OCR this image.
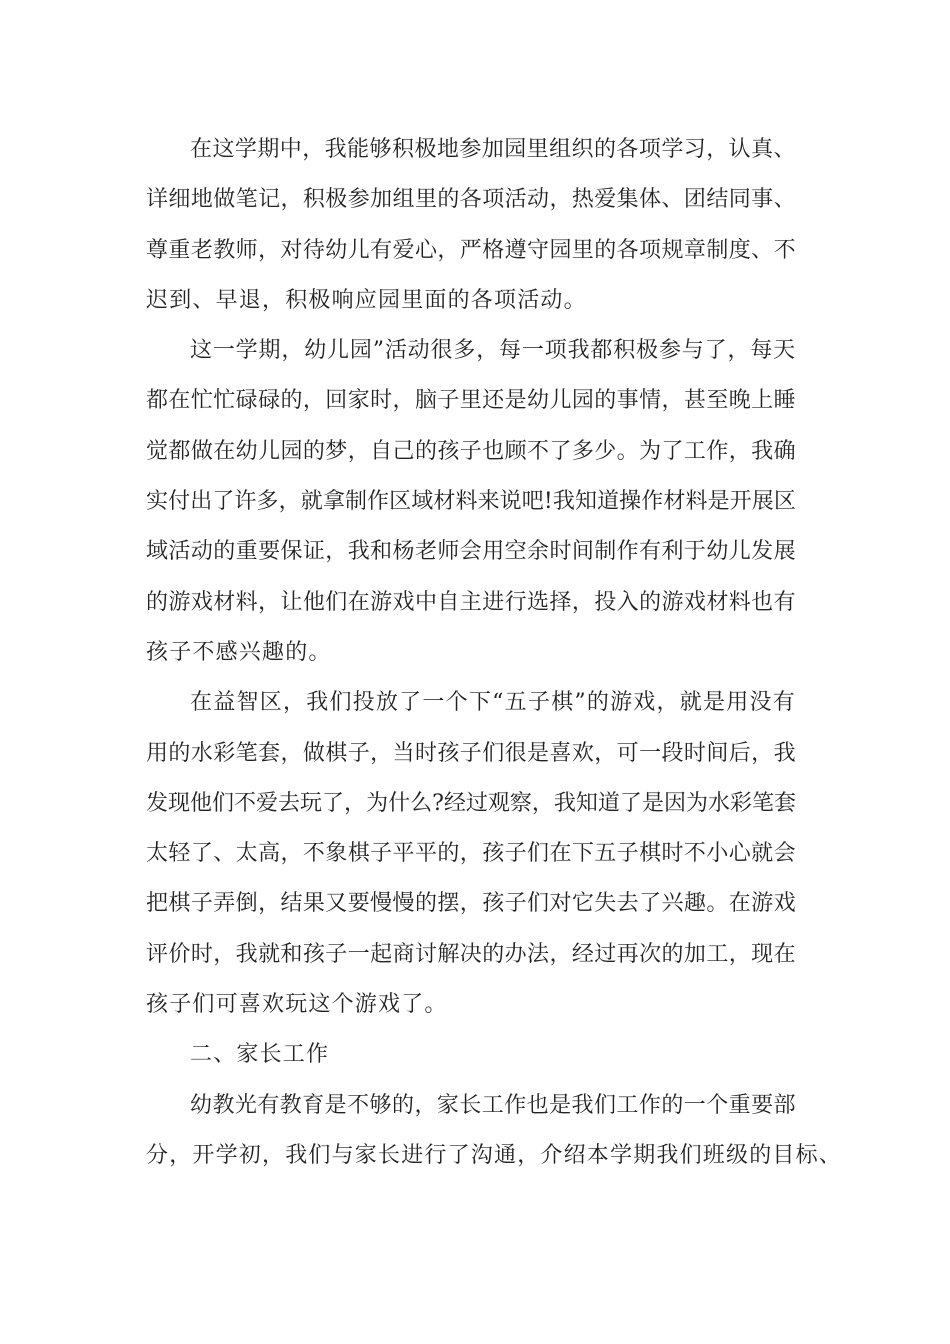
在这学期中，我能够积极地参加园里组织的各项学习，认真、
详细地做笔记，积极参加组里的各项活动，热爱集体、团结同事、
尊重老教师，对待幼儿有爱心，严格遵守园里的各项规章制度、不
迟到、早退，积极响应园里面的各项活动。
这一学期，幼儿园”活动很多，每一项我都积极参与了，每天
都在忙忙碌碌的，回家时，脑子里还是幼儿园的事情，甚至晚上睡
觉都做在幼儿园的梦，自己的孩子也顾不了多少。为了工作，我确
实付出了许多，就拿制作区域材料来说吧!我知道操作材料是开展区
域活动的重要保证，我和杨老师会用空余时间制作有利于幼儿发展
的游戏材料，让他们在游戏中自主进行选择，投入的游戏材料也有
孩子不感兴趣的。
在益智区，我们投放了一个下“五子棋”的游戏，就是用没有
用的水彩笔套，做棋子，当时孩子们很是喜欢，可一段时间后，我
发现他们不爱去玩了，为什么?经过观察，我知道了是因为水彩笔套
太轻了、太高，不象棋子平平的，孩子们在下五子棋时不小心就会
把棋子弄倒，结果又要慢慢的摆，孩子们对它失去了兴趣。在游戏
评价时，我就和孩子一起商讨解决的办法，经过再次的加工，现在
孩子们可喜欢玩这个游戏了。
二、家长工作
幼教光有教育是不够的，家长工作也是我们工作的一个重要部
分，开学初，我们与家长进行了沟通，介绍本学期我们班级的目标、
